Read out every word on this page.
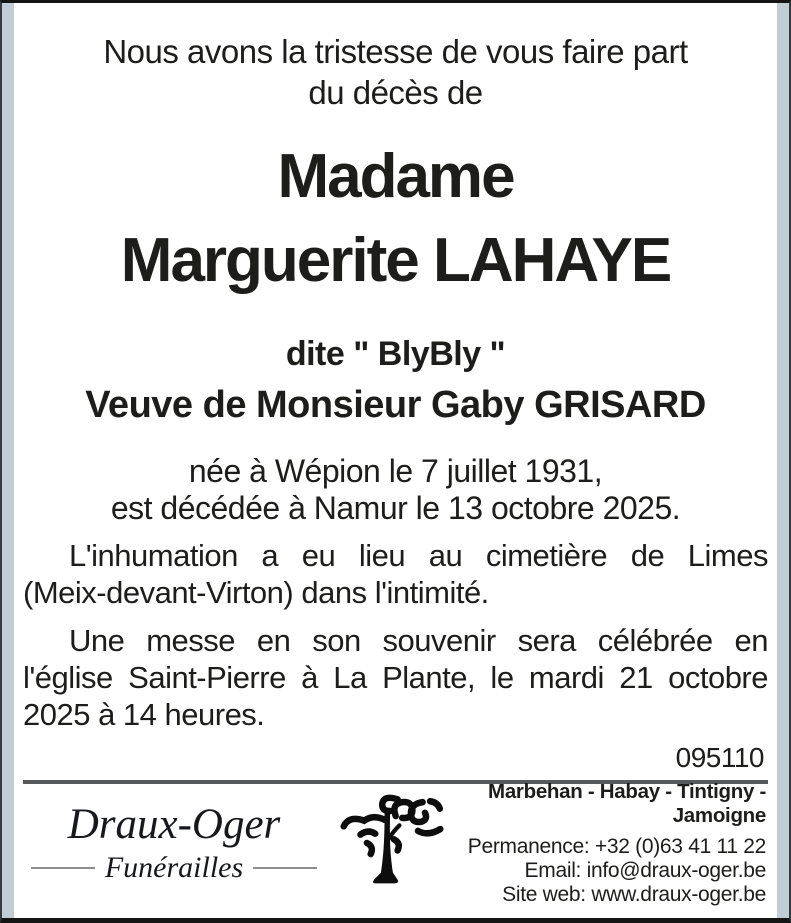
Nous avons la tristesse de vous faire part
du décès de
Madame
Marguerite LAHAYE
dite " BlyBly "
Veuve de Monsieur Gaby GRISARD
née à Wépion le 7 juillet 1931,
est décédée à Namur le 13 octobre 2025.
L'inhumation a eu lieu au cimetière de Limes
(Meix-devant-Virton) dans l'intimité.
Une messe en son souvenir sera célébrée en
l'église Saint-Pierre à La Plante, le mardi 21 octobre
2025 à 14 heures.
095110
Draux-Oger
Funérailles
Marbehan - Habay - Tintigny - Jamoigne
Permanence: +32 (0)63 41 11 22
Email: info@draux-oger.be
Site web: www.draux-oger.be
